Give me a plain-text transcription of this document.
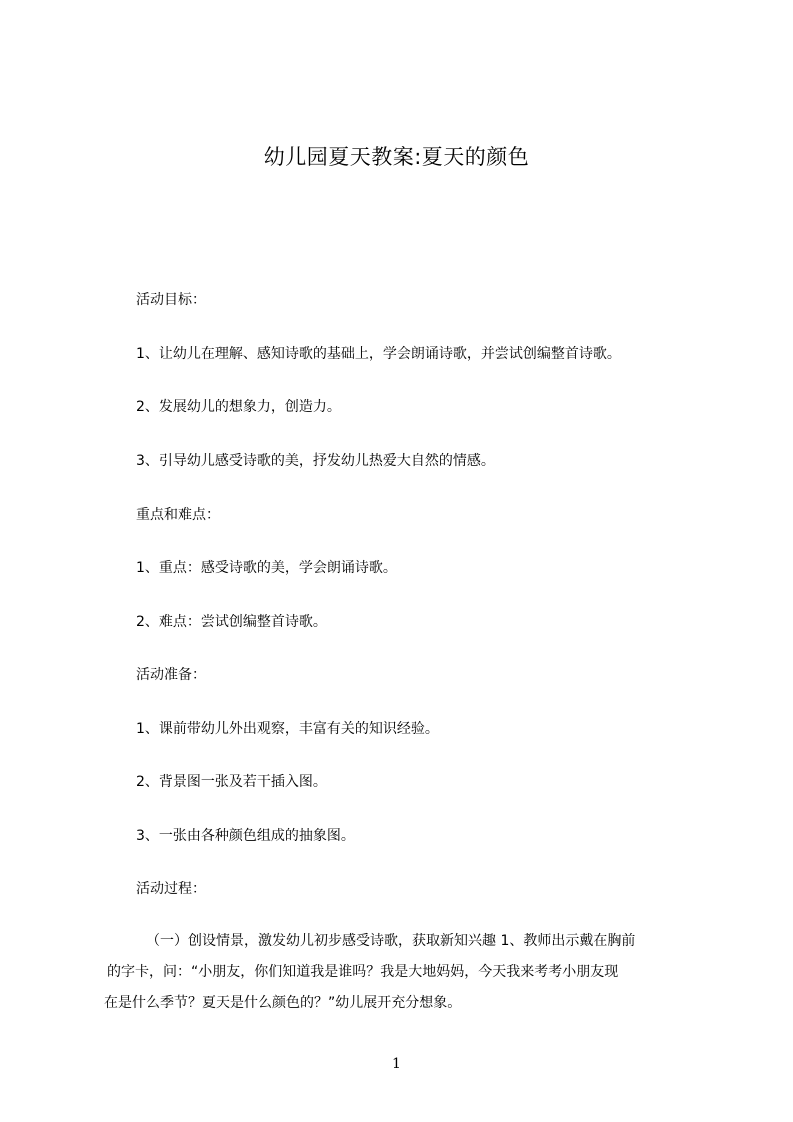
幼儿园夏天教案:夏天的颜色
活动目标：
1、让幼儿在理解、感知诗歌的基础上，学会朗诵诗歌，并尝试创编整首诗歌。
2、发展幼儿的想象力，创造力。
3、引导幼儿感受诗歌的美，抒发幼儿热爱大自然的情感。
重点和难点：
1、重点：感受诗歌的美，学会朗诵诗歌。
2、难点：尝试创编整首诗歌。
活动准备：
1、课前带幼儿外出观察，丰富有关的知识经验。
2、背景图一张及若干插入图。
3、一张由各种颜色组成的抽象图。
活动过程：
（一）创设情景，激发幼儿初步感受诗歌，获取新知兴趣 1、教师出示戴在胸前
的字卡，问：“小朋友，你们知道我是谁吗？我是大地妈妈，今天我来考考小朋友现
在是什么季节？夏天是什么颜色的？”幼儿展开充分想象。
1
